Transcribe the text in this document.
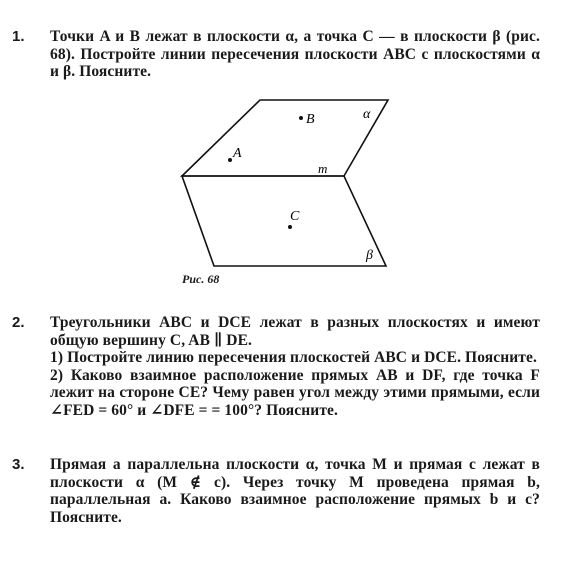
1. Точки A и B лежат в плоскости α, а точка C — в плоскости β (рис. 68). Постройте линии пересечения плоскости ABC с плоскостями α и β. Поясните.

α
β
m
A
B
C
Рис. 68
2. Треугольники ABC и DCE лежат в разных плоскостях и имеют общую вершину C, AB ∥ DE.

1) Постройте линию пересечения плоскостей ABC и DCE. Поясните.

2) Каково взаимное расположение прямых AB и DF, где точка F лежит на стороне CE? Чему равен угол между этими прямыми, если ∠FED = 60° и ∠DFE = = 100°? Поясните.

3. Прямая a параллельна плоскости α, точка M и прямая c лежат в плоскости α (M ∉ c). Через точку M проведена прямая b, параллельная a. Каково взаимное расположение прямых b и c? Поясните.
